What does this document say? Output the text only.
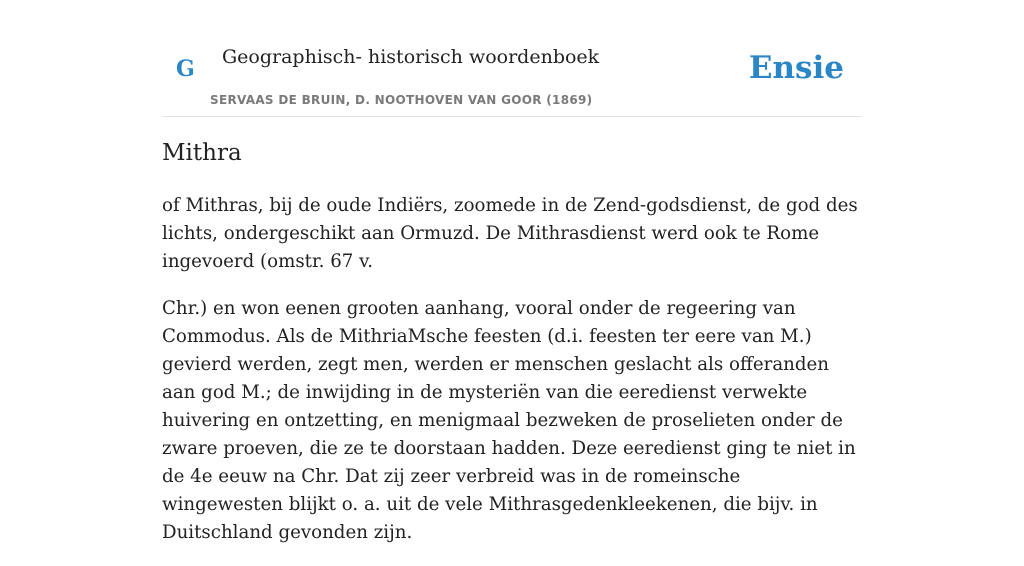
G Geographisch- historisch woordenboek
SERVAAS DE BRUIN, D. NOOTHOVEN VAN GOOR (1869)
Ensie
Mithra

of Mithras, bij de oude Indiërs, zoomede in de Zend-godsdienst, de god des lichts, ondergeschikt aan Ormuzd. De Mithrasdienst werd ook te Rome ingevoerd (omstr. 67 v.

Chr.) en won eenen grooten aanhang, vooral onder de regeering van Commodus. Als de MithriaMsche feesten (d.i. feesten ter eere van M.) gevierd werden, zegt men, werden er menschen geslacht als offeranden aan god M.; de inwijding in de mysteriën van die eeredienst verwekte huivering en ontzetting, en menigmaal bezweken de proselieten onder de zware proeven, die ze te doorstaan hadden. Deze eeredienst ging te niet in de 4e eeuw na Chr. Dat zij zeer verbreid was in de romeinsche wingewesten blijkt o. a. uit de vele Mithrasgedenkleekenen, die bijv. in Duitschland gevonden zijn.
